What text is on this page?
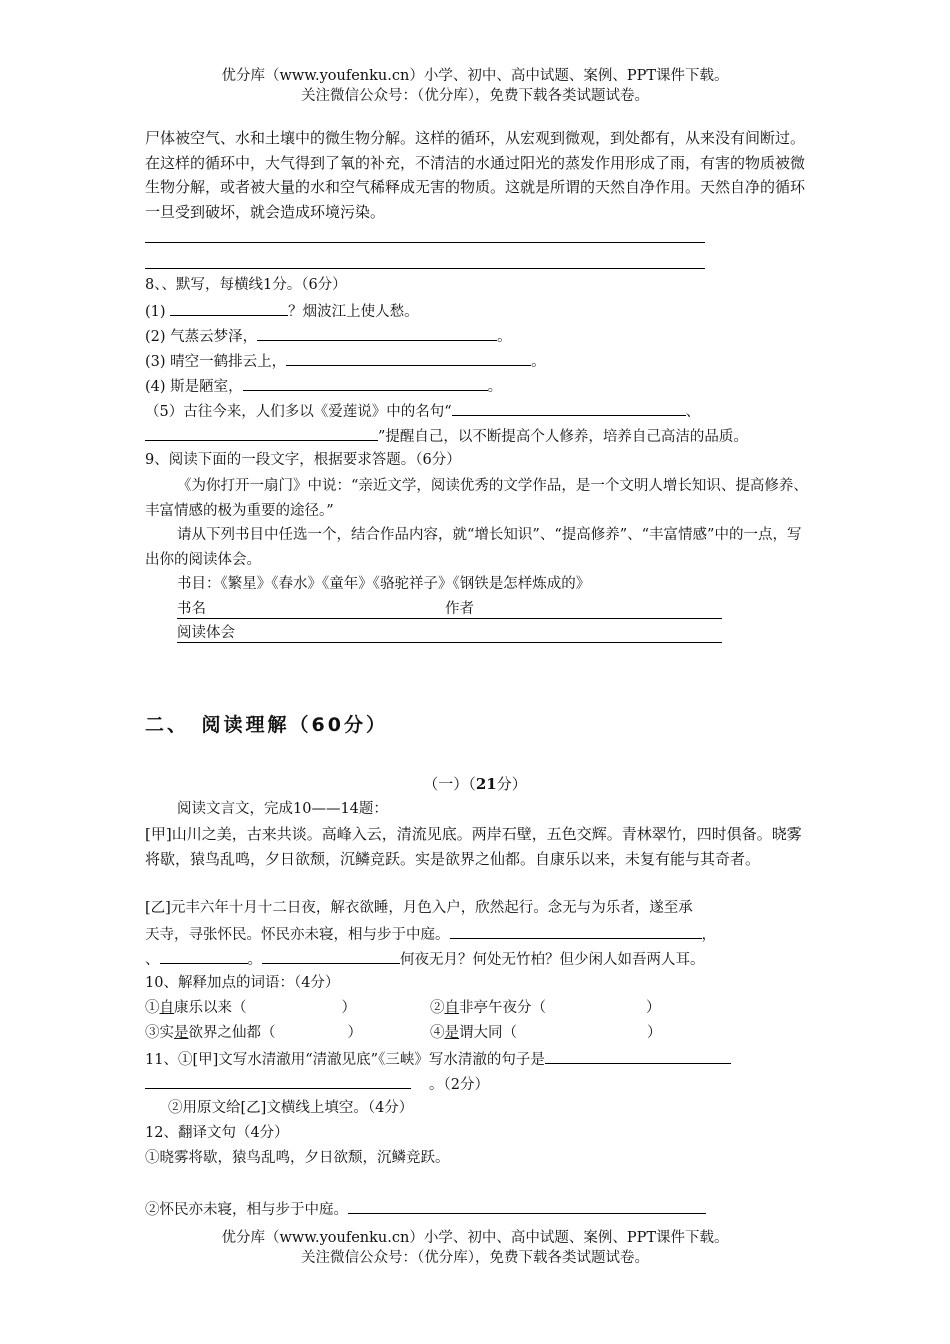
优分库（www.youfenku.cn）小学、初中、高中试题、案例、PPT课件下载。
关注微信公众号：（优分库），免费下载各类试题试卷。
尸体被空气、水和土壤中的微生物分解。这样的循环，从宏观到微观，到处都有，从来没有间断过。在这样的循环中，大气得到了氧的补充，不清洁的水通过阳光的蒸发作用形成了雨，有害的物质被微生物分解，或者被大量的水和空气稀释成无害的物质。这就是所谓的天然自净作用。天然自净的循环一旦受到破坏，就会造成环境污染。
8、、默写，每横线1分。（6分）
(1)	？烟波江上使人愁。
(2) 气蒸云梦泽，	。
(3) 晴空一鹤排云上，	。
(4) 斯是陋室，	。
（5）古往今来，人们多以《爱莲说》中的名句“	、
”提醒自己，以不断提高个人修养，培养自己高洁的品质。
9、阅读下面的一段文字，根据要求答题。（6分）
《为你打开一扇门》中说：“亲近文学，阅读优秀的文学作品，是一个文明人增长知识、提高修养、丰富情感的极为重要的途径。”
请从下列书目中任选一个，结合作品内容，就“增长知识”、“提高修养”、“丰富情感”中的一点，写出你的阅读体会。
书目：《繁星》《春水》《童年》《骆驼祥子》《钢铁是怎样炼成的》
书名	作者
阅读体会
二、　阅读理解（60分）
（一）（21分）
阅读文言文，完成10——14题：
[甲]山川之美，古来共谈。高峰入云，清流见底。两岸石壁，五色交辉。青林翠竹，四时俱备。晓雾将歇，猿鸟乱鸣，夕日欲颓，沉鳞竞跃。实是欲界之仙都。自康乐以来，未复有能与其奇者。
[乙]元丰六年十月十二日夜，解衣欲睡，月色入户，欣然起行。念无与为乐者，遂至承
天寺，寻张怀民。怀民亦未寝，相与步于中庭。	，
、	。	何夜无月？何处无竹柏？但少闲人如吾两人耳。
10、解释加点的词语：（4分）
①自康乐以来（	）	②自非亭午夜分（	）
③实是欲界之仙都（	）	④是谓大同（	）
11、①[甲]文写水清澈用“清澈见底”《三峡》写水清澈的句子是
。（2分）
②用原文给[乙]文横线上填空。（4分）
12、翻译文句（4分）
①晓雾将歇，猿鸟乱鸣，夕日欲颓，沉鳞竞跃。
②怀民亦未寝，相与步于中庭。
优分库（www.youfenku.cn）小学、初中、高中试题、案例、PPT课件下载。
关注微信公众号：（优分库），免费下载各类试题试卷。
